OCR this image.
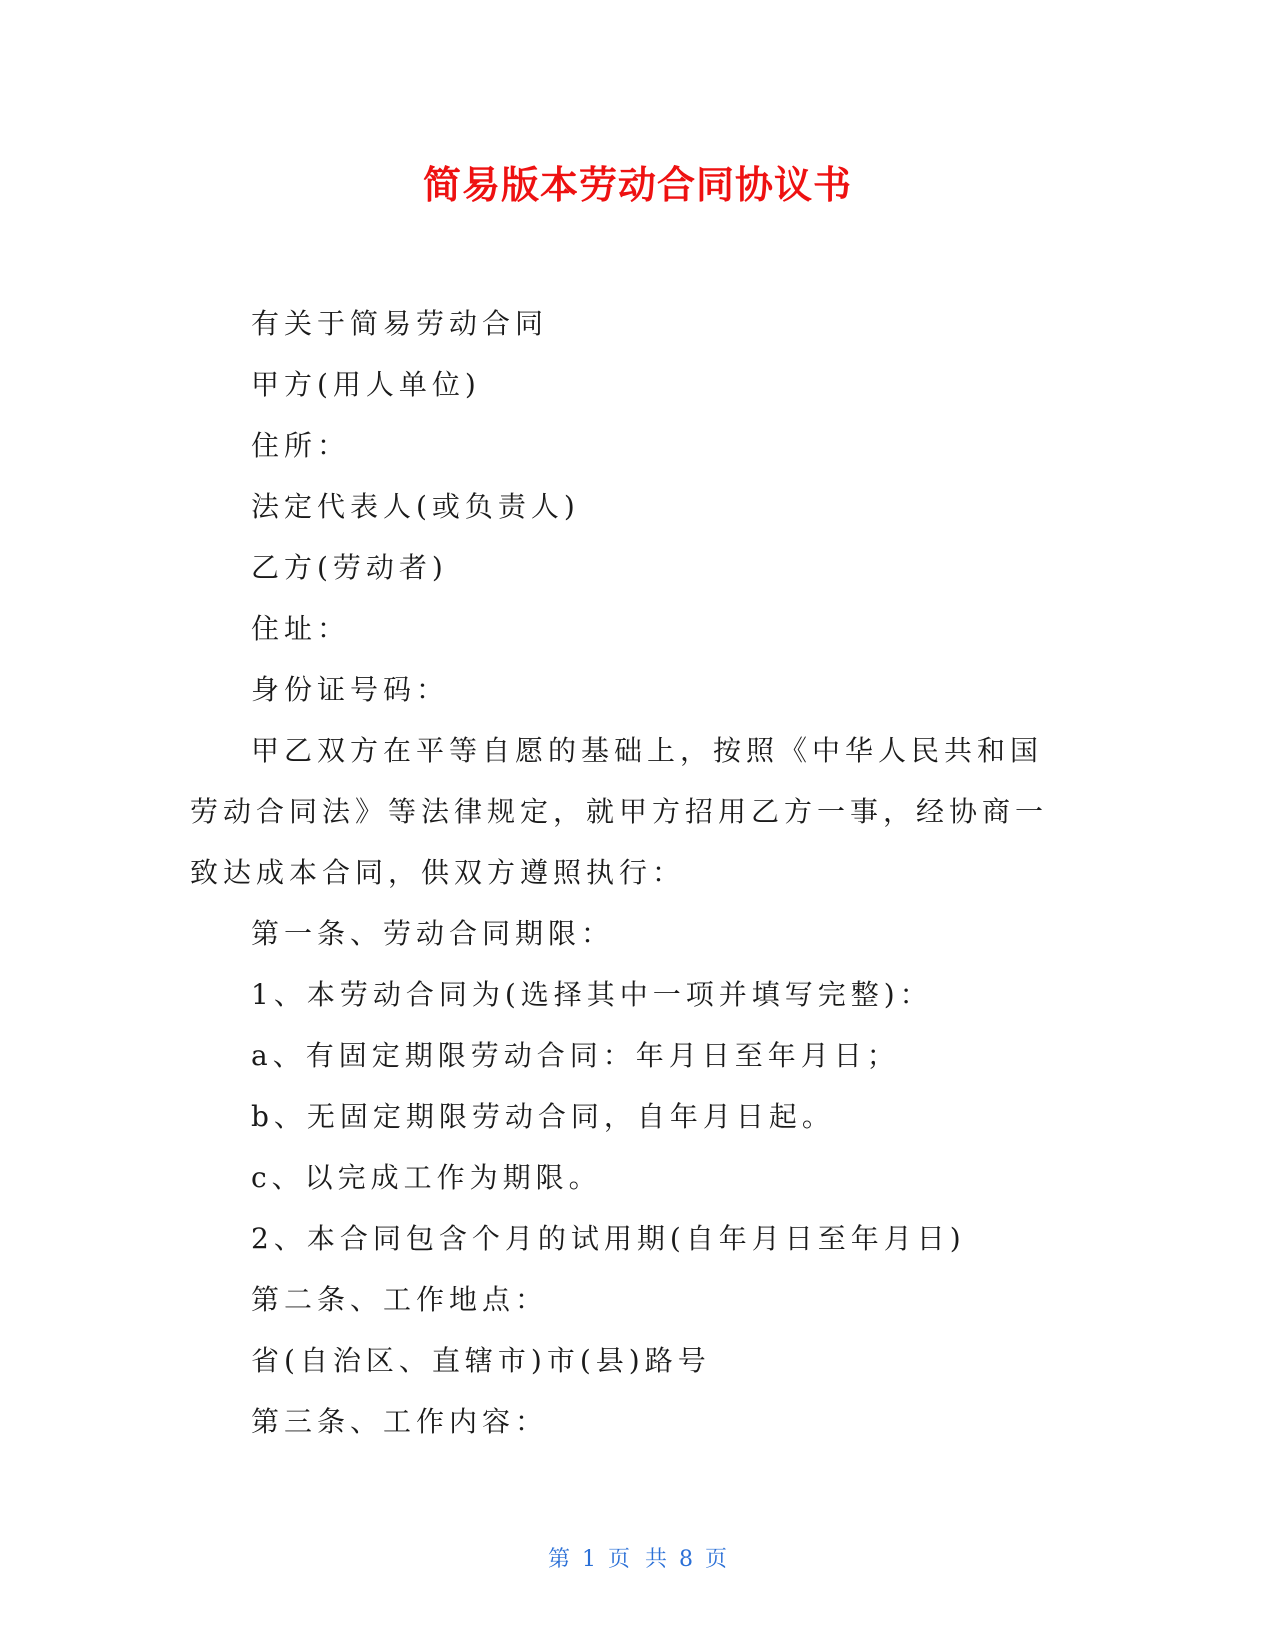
简易版本劳动合同协议书

有关于简易劳动合同

甲方(用人单位)

住所：

法定代表人(或负责人)

乙方(劳动者)

住址：

身份证号码：

甲乙双方在平等自愿的基础上，按照《中华人民共和国劳动合同法》等法律规定，就甲方招用乙方一事，经协商一致达成本合同，供双方遵照执行：

第一条、劳动合同期限：

1、本劳动合同为(选择其中一项并填写完整)：

a、有固定期限劳动合同：年月日至年月日；

b、无固定期限劳动合同，自年月日起。

c、以完成工作为期限。

2、本合同包含个月的试用期(自年月日至年月日)

第二条、工作地点：

省(自治区、直辖市)市(县)路号

第三条、工作内容：

第 1 页 共 8 页
